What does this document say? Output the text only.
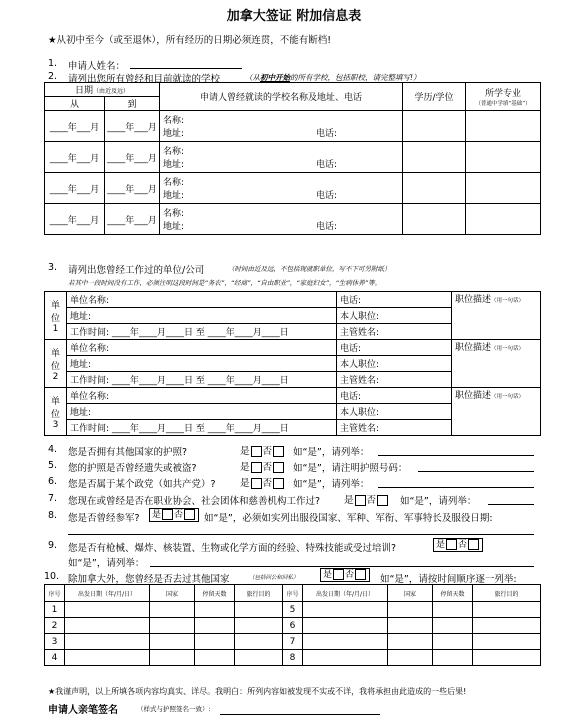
加拿大签证 附加信息表
★从初中至今（或至退休），所有经历的日期必须连贯，不能有断档!
1. 申请人姓名：
2. 请列出您所有曾经和目前就读的学校	（从初中开始的所有学校，包括职校，请完整填写!）
日期（由近及远）		申请人曾经就读的学校名称及地址、电话	学历/学位	所学专业
（普通中学填“基础”）

从	到			
____年___月	____年___月	名称:
地址: 电话:		

____年___月	____年___月	名称:
地址: 电话:		

____年___月	____年___月	名称:
地址: 电话:		

____年___月	____年___月	名称:
地址: 电话:		

3. 请列出您曾经工作过的单位/公司	（时间由近及远，不包括现就职单位，写不下可另附纸）
若其中一段时间没有工作，必须注明这段时间是“务农”，“经商”，“自由职业”，“家庭妇女”，“生病休养”等。
单
位
1	单位名称:	电话:	职位描述（用一句话）
	地址:	本人职位:	
	工作时间: ____年____月____日 至 ____年____月____日	主管姓名:	

单
位
2	单位名称:	电话:	职位描述（用一句话）
	地址:	本人职位:	
	工作时间: ____年____月____日 至 ____年____月____日	主管姓名:	

单
位
3	单位名称:	电话:	职位描述（用一句话）
	地址:	本人职位:	
	工作时间: ____年____月____日 至 ____年____月____日	主管姓名:	
4. 您是否拥有其他国家的护照?	是 否	如“是”，请列举：
5. 您的护照是否曾经遗失或被盗?	是 否	如“是”，请注明护照号码：
6. 您是否属于某个政党（如共产党）?	是 否	如“是”，请列举：
7. 您现在或曾经是否在职业协会、社会团体和慈善机构工作过?	是 否	如“是”，请列举：
8. 您是否曾经参军?	是 否	如“是”，必须如实列出服役国家、军种、军衔、军事特长及服役日期:
9. 您是否有枪械、爆炸、核装置、生物或化学方面的经验、特殊技能或受过培训?	是 否
如“是”，请列举：
10. 除加拿大外，您曾经是否去过其他国家	（包括回公和回私）	是 否	如“是”，请按时间顺序逐一列举:
序号	出发日期（年/月/日）	国家	停留天数	旅行目的	序号	出发日期（年/月/日）	国家	停留天数	旅行目的
1					5				
2					6				
3					7				
4					8				
★我谨声明，以上所填各项内容均真实、详尽。我明白：所列内容如被发现不实或不详，我将承担由此造成的一些后果!
申请人亲笔签名	（样式与护照签名一致）:
